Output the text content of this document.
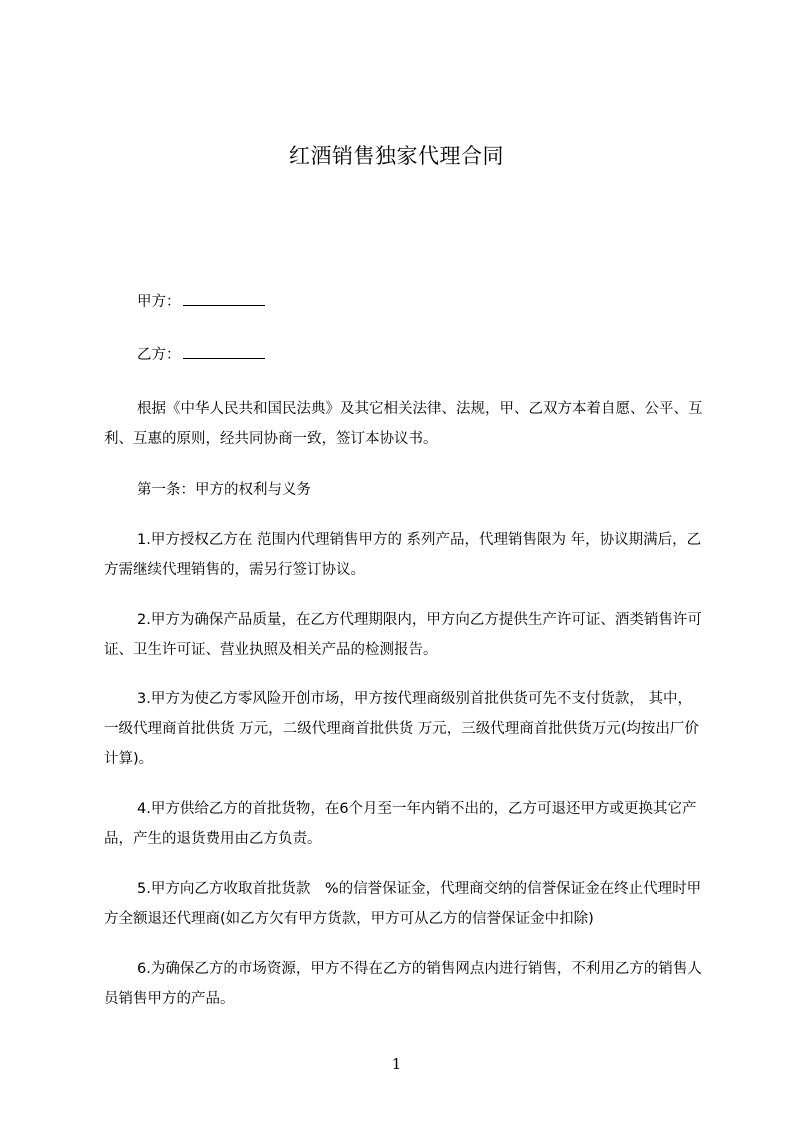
红酒销售独家代理合同

甲方：

乙方：

根据《中华人民共和国民法典》及其它相关法律、法规，甲、乙双方本着自愿、公平、互利、互惠的原则，经共同协商一致，签订本协议书。

第一条：甲方的权利与义务

1.甲方授权乙方在 范围内代理销售甲方的 系列产品，代理销售限为 年，协议期满后，乙方需继续代理销售的，需另行签订协议。

2.甲方为确保产品质量，在乙方代理期限内，甲方向乙方提供生产许可证、酒类销售许可证、卫生许可证、营业执照及相关产品的检测报告。

3.甲方为使乙方零风险开创市场，甲方按代理商级别首批供货可先不支付货款， 其中，一级代理商首批供货 万元，二级代理商首批供货 万元，三级代理商首批供货万元(均按出厂价计算)。

4.甲方供给乙方的首批货物，在6个月至一年内销不出的，乙方可退还甲方或更换其它产品，产生的退货费用由乙方负责。

5.甲方向乙方收取首批货款　%的信誉保证金，代理商交纳的信誉保证金在终止代理时甲方全额退还代理商(如乙方欠有甲方货款，甲方可从乙方的信誉保证金中扣除)

6.为确保乙方的市场资源，甲方不得在乙方的销售网点内进行销售，不利用乙方的销售人员销售甲方的产品。

1
